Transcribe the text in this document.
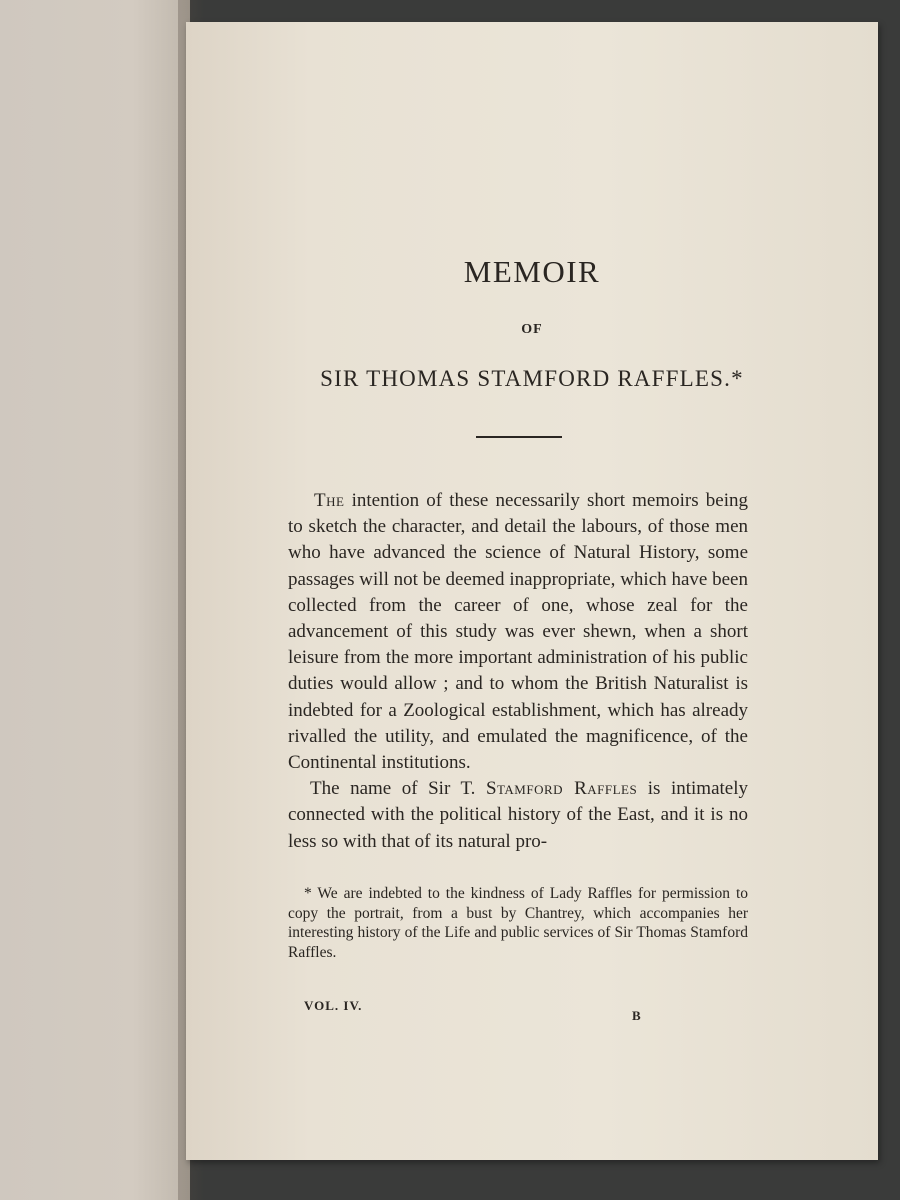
MEMOIR
OF
SIR THOMAS STAMFORD RAFFLES.*

The intention of these necessarily short memoirs being to sketch the character, and detail the labours, of those men who have advanced the science of Natural History, some passages will not be deemed inappropriate, which have been collected from the career of one, whose zeal for the advancement of this study was ever shewn, when a short leisure from the more important administration of his public duties would allow ; and to whom the British Naturalist is indebted for a Zoological establishment, which has already rivalled the utility, and emulated the magnificence, of the Continental institutions.

The name of Sir T. Stamford Raffles is intimately connected with the political history of the East, and it is no less so with that of its natural pro-

* We are indebted to the kindness of Lady Raffles for permission to copy the portrait, from a bust by Chantrey, which accompanies her interesting history of the Life and public services of Sir Thomas Stamford Raffles.

VOL. IV.
B
